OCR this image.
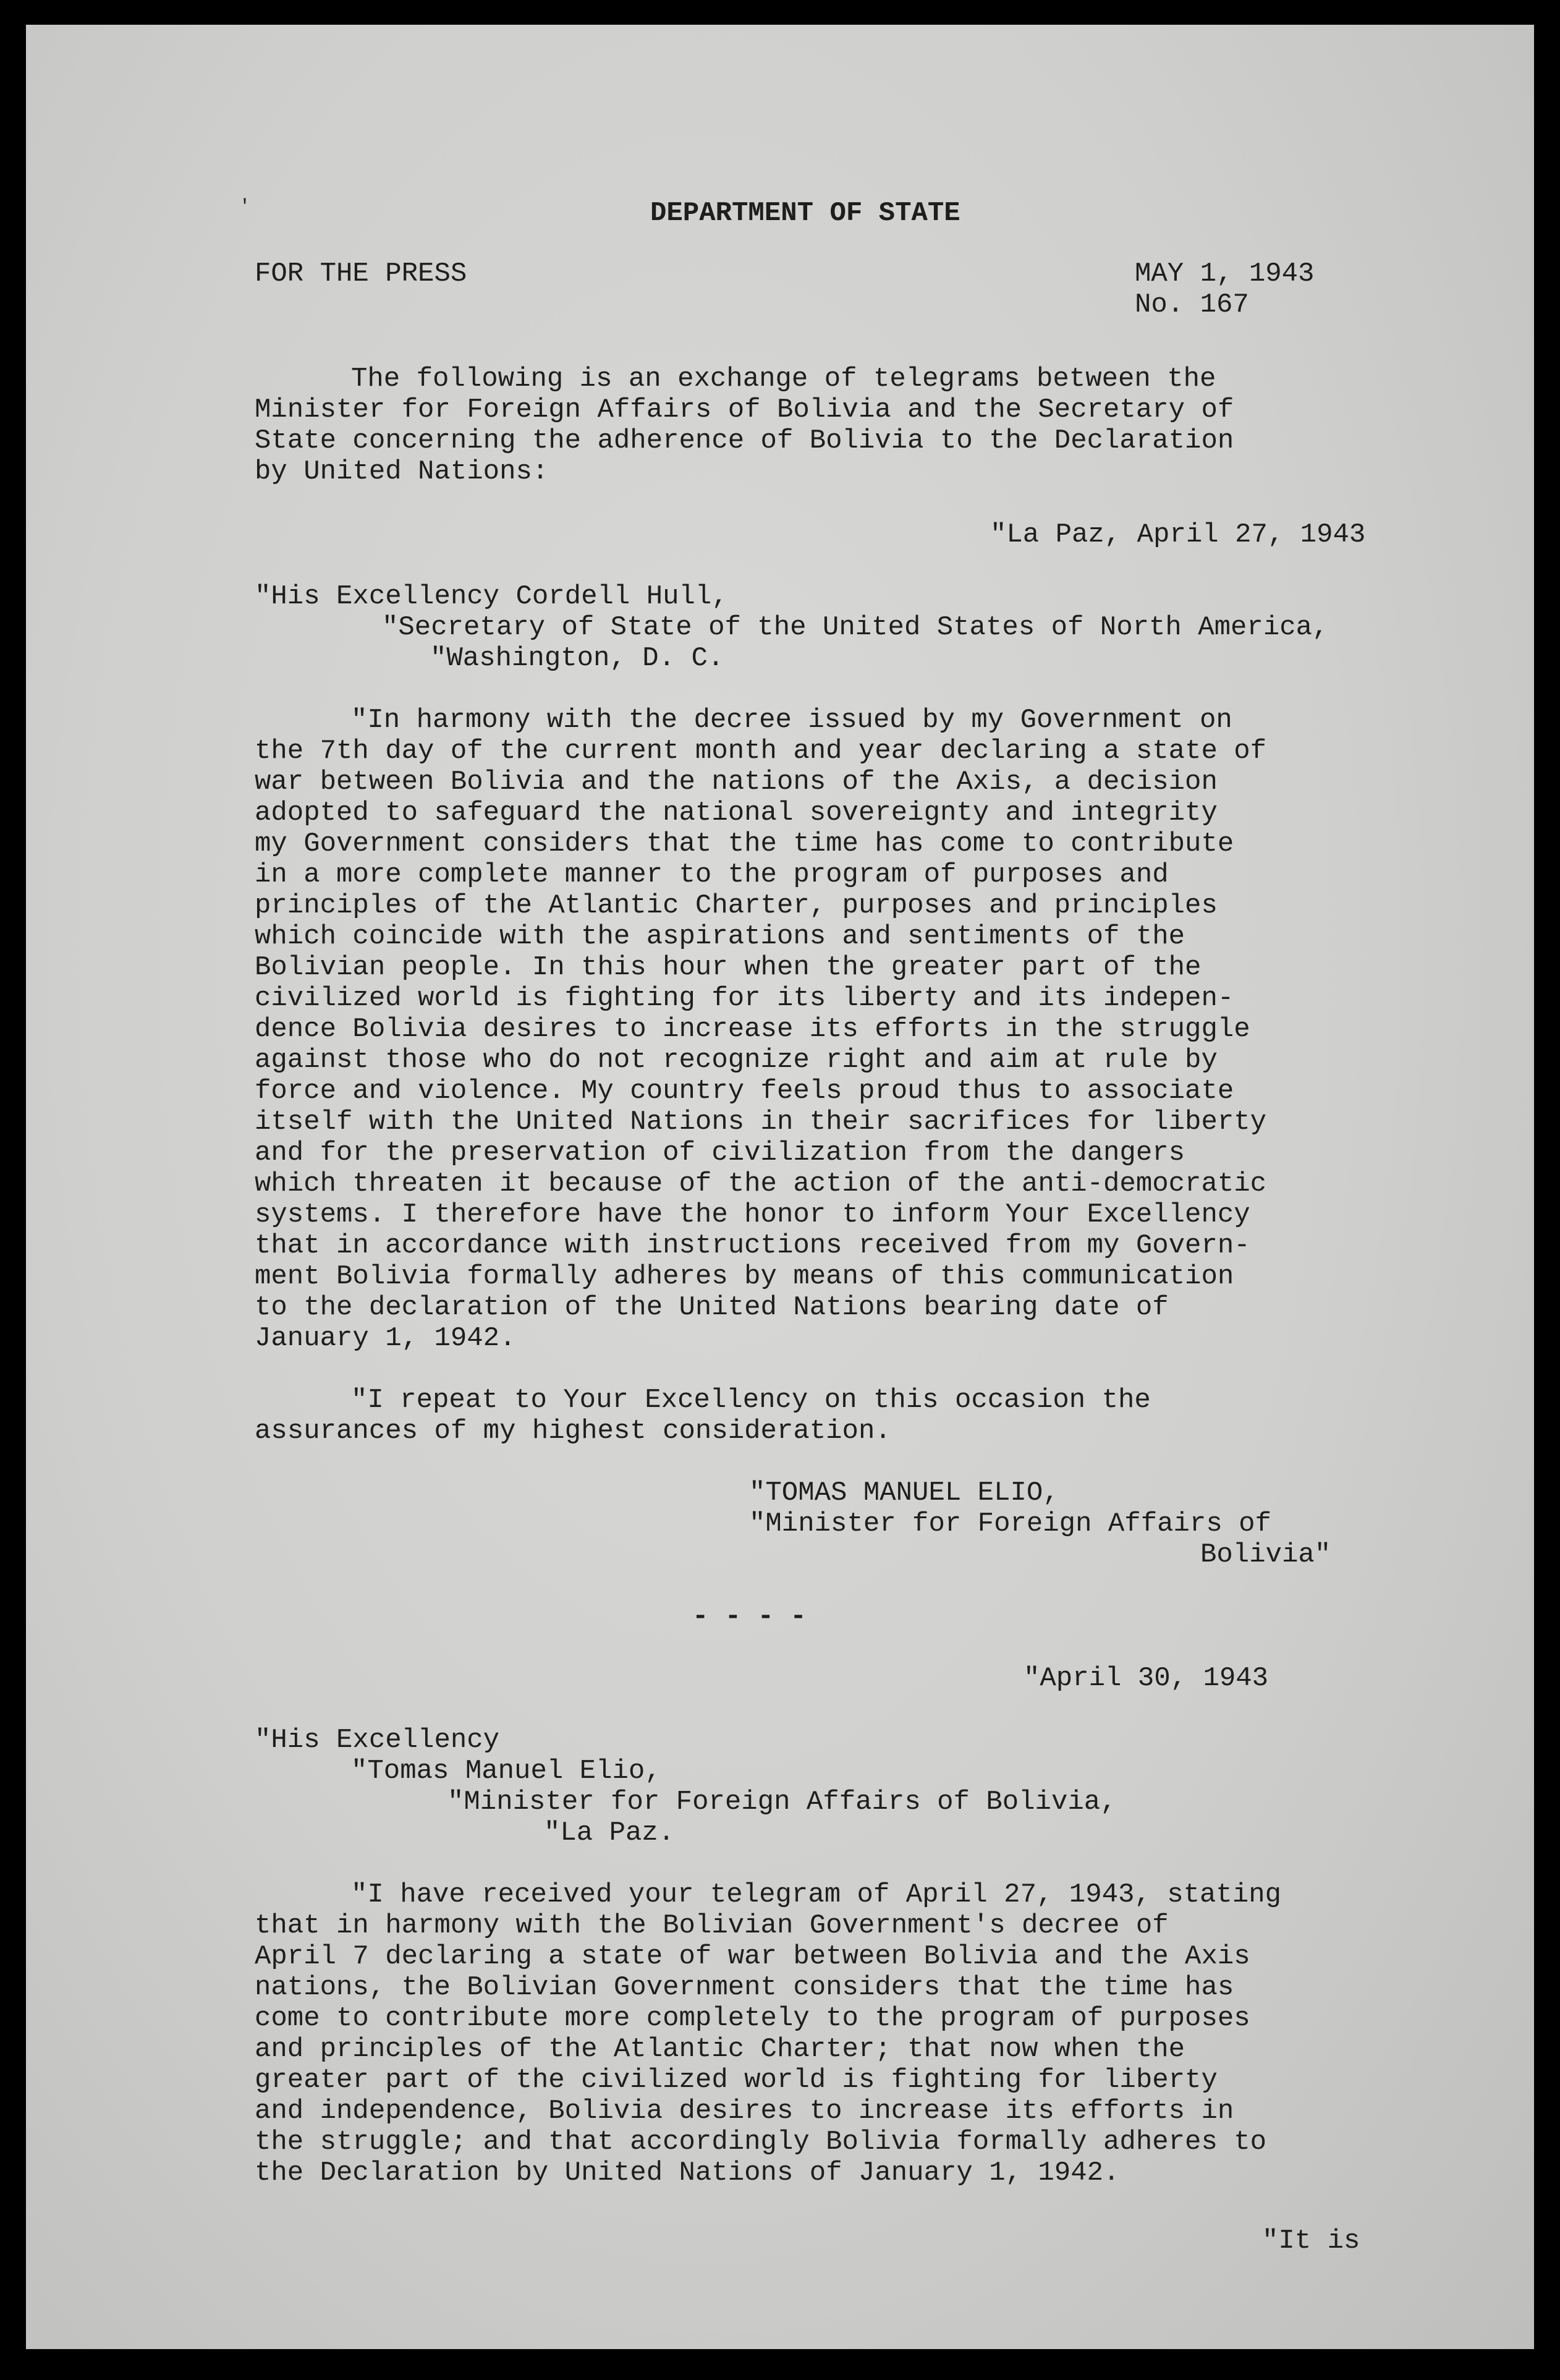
DEPARTMENT OF STATE
FOR THE PRESS	MAY 1, 1943
No. 167
The following is an exchange of telegrams between the
Minister for Foreign Affairs of Bolivia and the Secretary of
State concerning the adherence of Bolivia to the Declaration
by United Nations:
"La Paz, April 27, 1943
"His Excellency Cordell Hull,
"Secretary of State of the United States of North America,
"Washington, D. C.
"In harmony with the decree issued by my Government on
the 7th day of the current month and year declaring a state of
war between Bolivia and the nations of the Axis, a decision
adopted to safeguard the national sovereignty and integrity
my Government considers that the time has come to contribute
in a more complete manner to the program of purposes and
principles of the Atlantic Charter, purposes and principles
which coincide with the aspirations and sentiments of the
Bolivian people. In this hour when the greater part of the
civilized world is fighting for its liberty and its indepen-
dence Bolivia desires to increase its efforts in the struggle
against those who do not recognize right and aim at rule by
force and violence. My country feels proud thus to associate
itself with the United Nations in their sacrifices for liberty
and for the preservation of civilization from the dangers
which threaten it because of the action of the anti-democratic
systems. I therefore have the honor to inform Your Excellency
that in accordance with instructions received from my Govern-
ment Bolivia formally adheres by means of this communication
to the declaration of the United Nations bearing date of
January 1, 1942.
"I repeat to Your Excellency on this occasion the
assurances of my highest consideration.
"TOMAS MANUEL ELIO,
"Minister for Foreign Affairs of
Bolivia"
- - - -
"April 30, 1943
"His Excellency
"Tomas Manuel Elio,
"Minister for Foreign Affairs of Bolivia,
"La Paz.
"I have received your telegram of April 27, 1943, stating
that in harmony with the Bolivian Government's decree of
April 7 declaring a state of war between Bolivia and the Axis
nations, the Bolivian Government considers that the time has
come to contribute more completely to the program of purposes
and principles of the Atlantic Charter; that now when the
greater part of the civilized world is fighting for liberty
and independence, Bolivia desires to increase its efforts in
the struggle; and that accordingly Bolivia formally adheres to
the Declaration by United Nations of January 1, 1942.
"It is
'
